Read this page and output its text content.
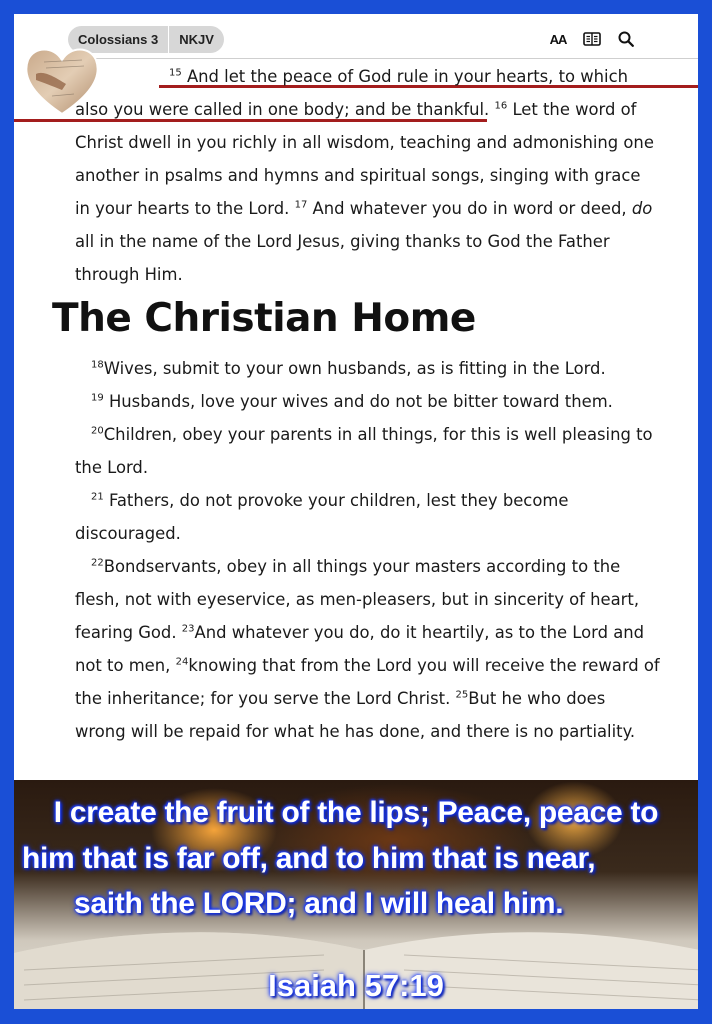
Colossians 3	NKJV	AA

$^{15}$ And let the peace of God rule in your hearts, to which also you were called in one body; and be thankful. $^{16}$ Let the word of Christ dwell in you richly in all wisdom, teaching and admonishing one another in psalms and hymns and spiritual songs, singing with grace in your hearts to the Lord. $^{17}$ And whatever you do in word or deed, do all in the name of the Lord Jesus, giving thanks to God the Father through Him.

The Christian Home

$^{18}$Wives, submit to your own husbands, as is fitting in the Lord.

$^{19}$ Husbands, love your wives and do not be bitter toward them.

$^{20}$Children, obey your parents in all things, for this is well pleasing to the Lord.

$^{21}$ Fathers, do not provoke your children, lest they become discouraged.

$^{22}$Bondservants, obey in all things your masters according to the flesh, not with eyeservice, as men-pleasers, but in sincerity of heart, fearing God. $^{23}$And whatever you do, do it heartily, as to the Lord and not to men, $^{24}$knowing that from the Lord you will receive the reward of the inheritance; for you serve the Lord Christ. $^{25}$But he who does wrong will be repaid for what he has done, and there is no partiality.

I create the fruit of the lips; Peace, peace to
him that is far off, and to him that is near,
saith the LORD; and I will heal him.
Isaiah 57:19
